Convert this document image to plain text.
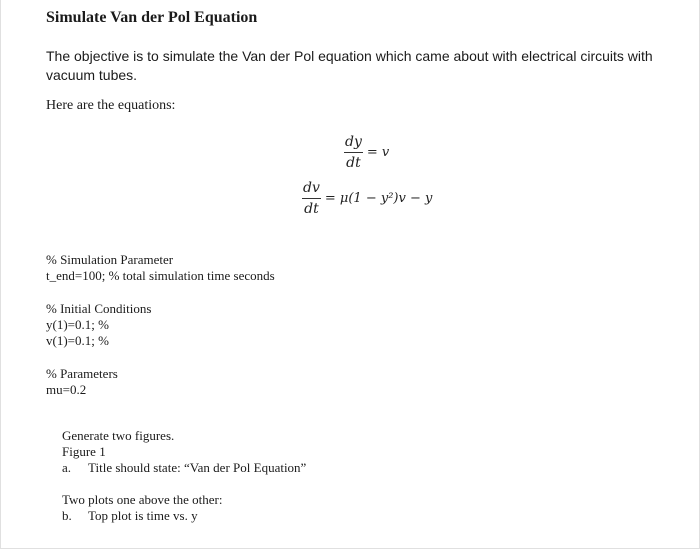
Simulate Van der Pol Equation
The objective is to simulate the Van der Pol equation which came about with electrical circuits with vacuum tubes.
Here are the equations:
$\frac{dy}{dt} = v$
$\frac{dv}{dt} = \mu(1 - y^2)v - y$
% Simulation Parameter
t_end=100; % total simulation time seconds
% Initial Conditions
y(1)=0.1; %
v(1)=0.1; %
% Parameters
mu=0.2
Generate two figures.
Figure 1
a. Title should state: “Van der Pol Equation”
Two plots one above the other:
b. Top plot is time vs. y
